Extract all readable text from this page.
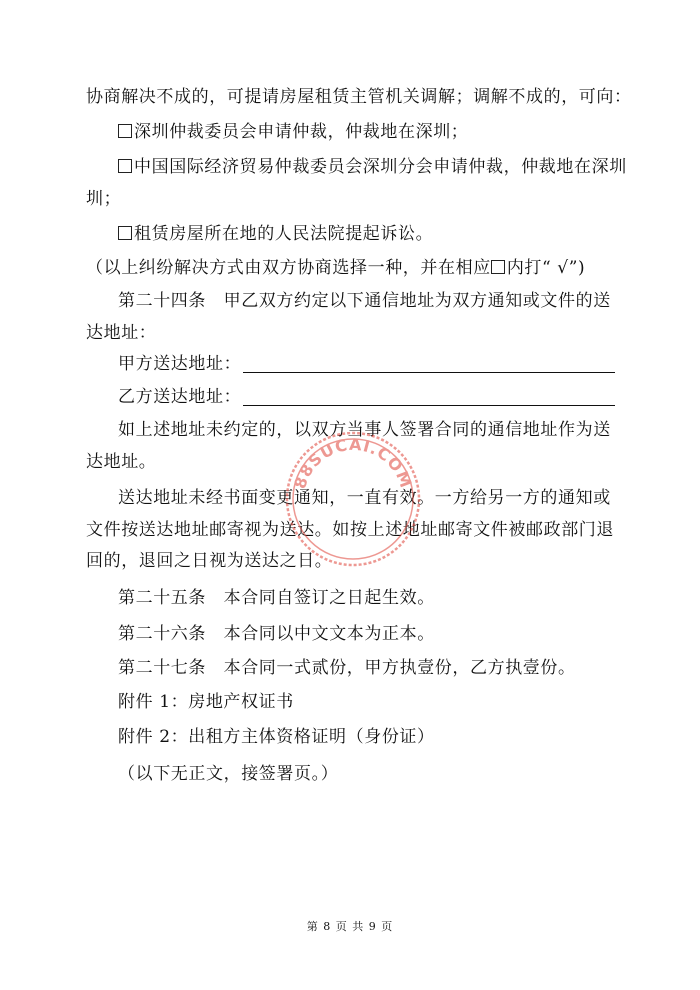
协商解决不成的，可提请房屋租赁主管机关调解；调解不成的，可向：
深圳仲裁委员会申请仲裁，仲裁地在深圳；
中国国际经济贸易仲裁委员会深圳分会申请仲裁，仲裁地在深圳
圳；
租赁房屋所在地的人民法院提起诉讼。
（以上纠纷解决方式由双方协商选择一种，并在相应 内打“ √”)
第二十四条　甲乙双方约定以下通信地址为双方通知或文件的送
达地址：
甲方送达地址：
乙方送达地址：
如上述地址未约定的，以双方当事人签署合同的通信地址作为送
达地址。
送达地址未经书面变更通知，一直有效。一方给另一方的通知或
文件按送达地址邮寄视为送达。如按上述地址邮寄文件被邮政部门退
回的，退回之日视为送达之日。
第二十五条　本合同自签订之日起生效。
第二十六条　本合同以中文文本为正本。
第二十七条　本合同一式贰份，甲方执壹份，乙方执壹份。
附件 1：房地产权证书
附件 2：出租方主体资格证明（身份证）
（以下无正文，接签署页。）
第 8 页 共 9 页
88SUCAI.COM
